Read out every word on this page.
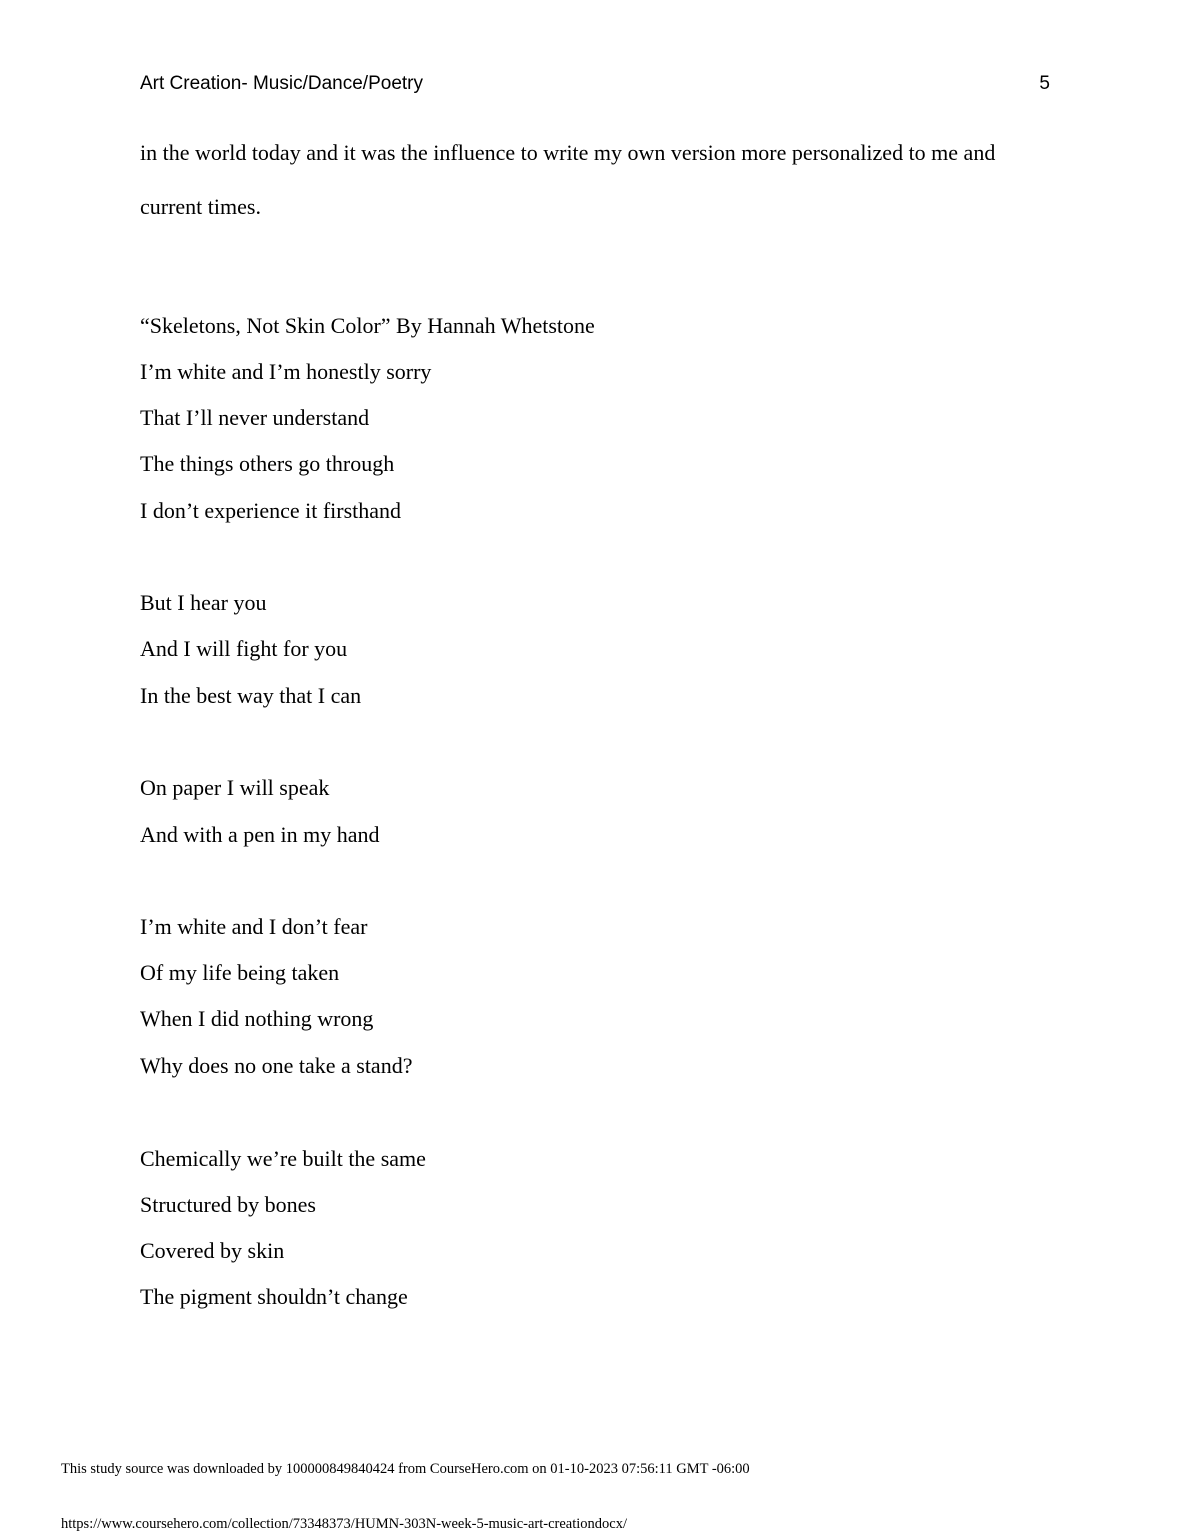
Art Creation- Music/Dance/Poetry	5
in the world today and it was the influence to write my own version more personalized to me and
current times.
“Skeletons, Not Skin Color” By Hannah Whetstone
I’m white and I’m honestly sorry
That I’ll never understand
The things others go through
I don’t experience it firsthand
But I hear you
And I will fight for you
In the best way that I can
On paper I will speak
And with a pen in my hand
I’m white and I don’t fear
Of my life being taken
When I did nothing wrong
Why does no one take a stand?
Chemically we’re built the same
Structured by bones
Covered by skin
The pigment shouldn’t change
This study source was downloaded by 100000849840424 from CourseHero.com on 01-10-2023 07:56:11 GMT -06:00
https://www.coursehero.com/collection/73348373/HUMN-303N-week-5-music-art-creationdocx/
